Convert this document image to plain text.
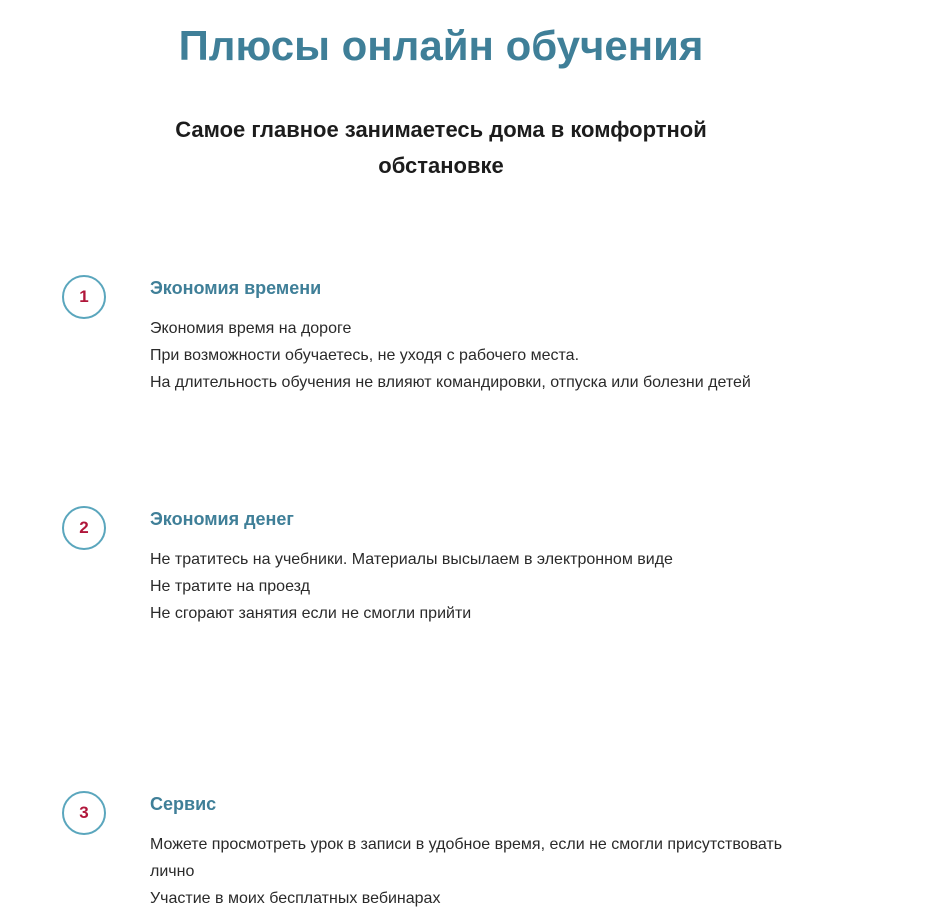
Плюсы онлайн обучения

Самое главное занимаетесь дома в комфортной обстановке

1	Экономия времени
Экономия время на дороге
При возможности обучаетесь, не уходя с рабочего места.
На длительность обучения не влияют командировки, отпуска или болезни детей
2	Экономия денег
Не тратитесь на учебники. Материалы высылаем в электронном виде
Не тратите на проезд
Не сгорают занятия если не смогли прийти
3	Сервис
Можете просмотреть урок в записи в удобное время, если не смогли присутствовать лично
Участие в моих бесплатных вебинарах
